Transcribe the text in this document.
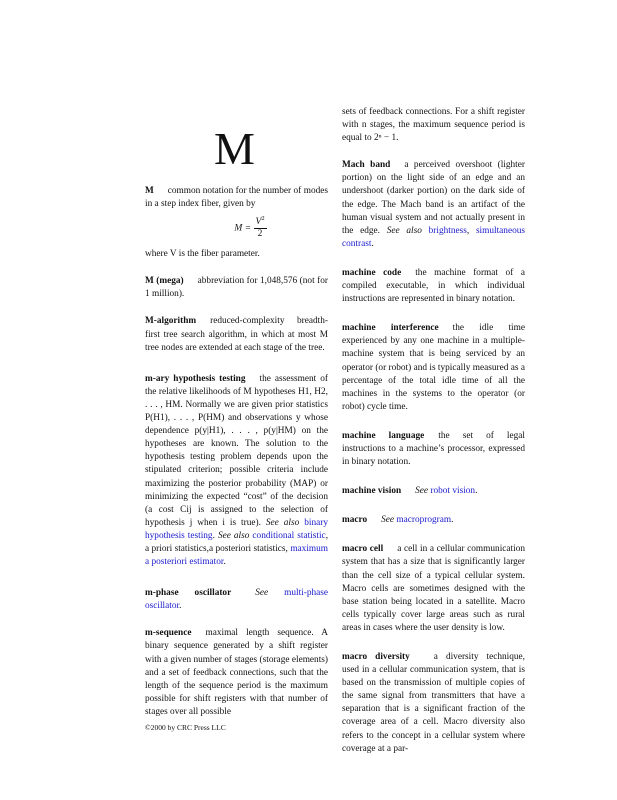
M
M common notation for the number of modes in a step index fiber, given by
$M = \frac{V^2}{2}$
where V is the fiber parameter.
M (mega) abbreviation for 1,048,576 (not for 1 million).
M-algorithm reduced-complexity breadth-first tree search algorithm, in which at most M tree nodes are extended at each stage of the tree.
m-ary hypothesis testing the assessment of the relative likelihoods of M hypotheses H1, H2, . . . , HM. Normally we are given prior statistics P(H1), . . . , P(HM) and observations y whose dependence p(y|H1), . . . , p(y|HM) on the hypotheses are known. The solution to the hypothesis testing problem depends upon the stipulated criterion; possible criteria include maximizing the posterior probability (MAP) or minimizing the expected “cost” of the decision (a cost Cij is assigned to the selection of hypothesis j when i is true). See also binary hypothesis testing. See also conditional statistic, a priori statistics,a posteriori statistics, maximum a posteriori estimator.
m-phase oscillator	See multi-phase oscillator.
m-sequence maximal length sequence. A binary sequence generated by a shift register with a given number of stages (storage elements) and a set of feedback connections, such that the length of the sequence period is the maximum possible for shift registers with that number of stages over all possible
sets of feedback connections. For a shift register with n stages, the maximum sequence period is equal to 2ⁿ − 1.
Mach band a perceived overshoot (lighter portion) on the light side of an edge and an undershoot (darker portion) on the dark side of the edge. The Mach band is an artifact of the human visual system and not actually present in the edge. See also brightness, simultaneous contrast.
machine code the machine format of a compiled executable, in which individual instructions are represented in binary notation.
machine interference the idle time experienced by any one machine in a multiple-machine system that is being serviced by an operator (or robot) and is typically measured as a percentage of the total idle time of all the machines in the systems to the operator (or robot) cycle time.
machine language the set of legal instructions to a machine’s processor, expressed in binary notation.
machine vision See robot vision.
macro See macroprogram.
macro cell a cell in a cellular communication system that has a size that is significantly larger than the cell size of a typical cellular system. Macro cells are sometimes designed with the base station being located in a satellite. Macro cells typically cover large areas such as rural areas in cases where the user density is low.
macro diversity	a diversity technique, used in a cellular communication system, that is based on the transmission of multiple copies of the same signal from transmitters that have a separation that is a significant fraction of the coverage area of a cell. Macro diversity also refers to the concept in a cellular system where coverage at a par-
©2000 by CRC Press LLC
